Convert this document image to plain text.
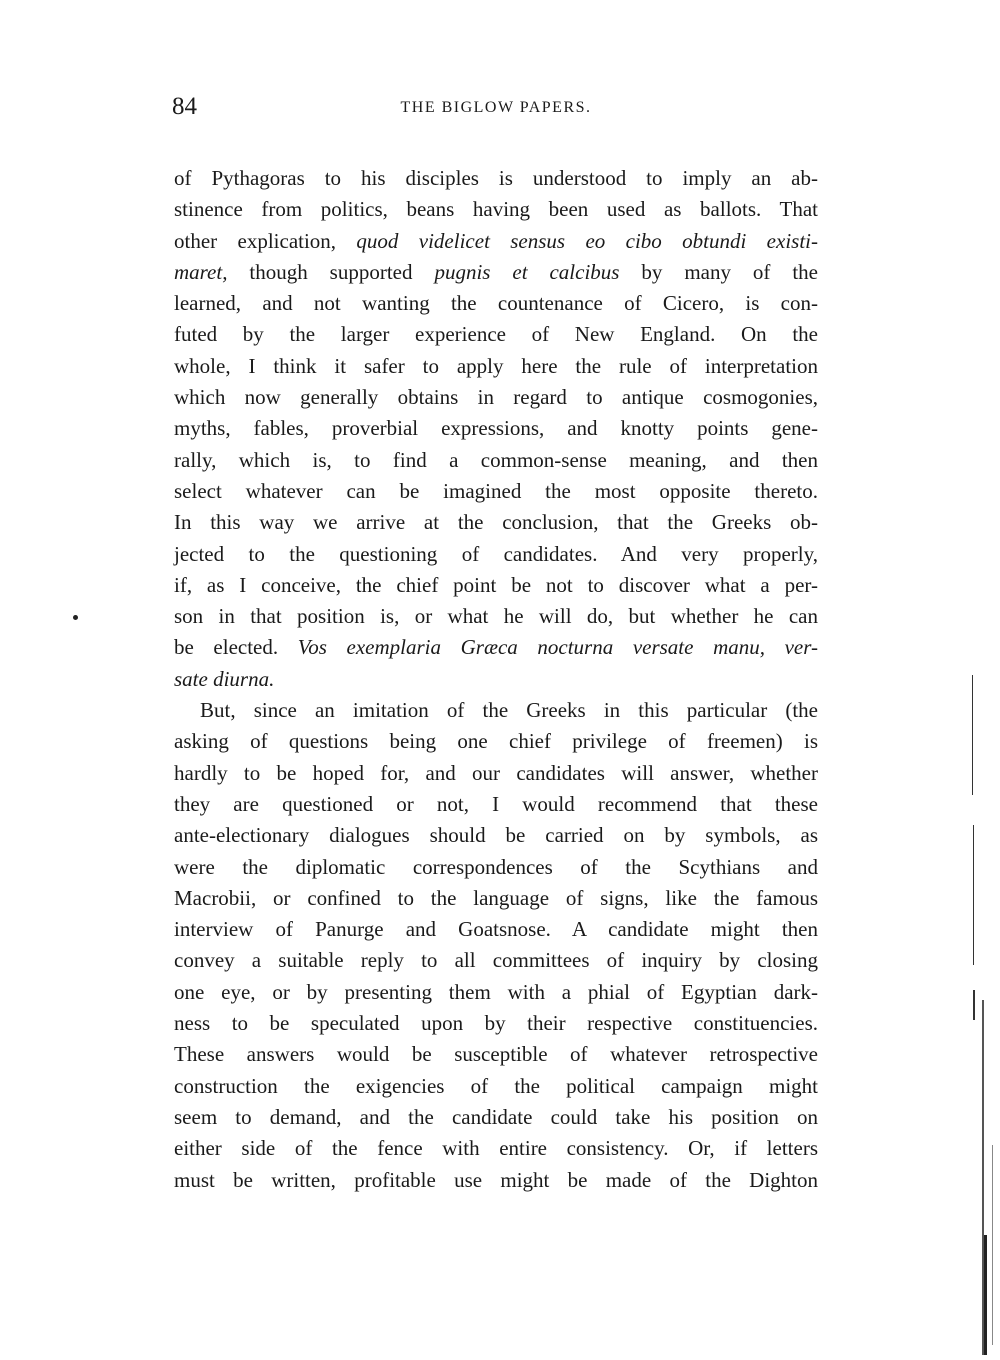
84	THE BIGLOW PAPERS.
of Pythagoras to his disciples is understood to imply an ab-
stinence from politics, beans having been used as ballots. That
other explication, quod videlicet sensus eo cibo obtundi existi-
maret, though supported pugnis et calcibus by many of the
learned, and not wanting the countenance of Cicero, is con-
futed by the larger experience of New England. On the
whole, I think it safer to apply here the rule of interpretation
which now generally obtains in regard to antique cosmogonies,
myths, fables, proverbial expressions, and knotty points gene-
rally, which is, to find a common-sense meaning, and then
select whatever can be imagined the most opposite thereto.
In this way we arrive at the conclusion, that the Greeks ob-
jected to the questioning of candidates. And very properly,
if, as I conceive, the chief point be not to discover what a per-
son in that position is, or what he will do, but whether he can
be elected. Vos exemplaria Græca nocturna versate manu, ver-
sate diurna.
But, since an imitation of the Greeks in this particular (the
asking of questions being one chief privilege of freemen) is
hardly to be hoped for, and our candidates will answer, whether
they are questioned or not, I would recommend that these
ante-electionary dialogues should be carried on by symbols, as
were the diplomatic correspondences of the Scythians and
Macrobii, or confined to the language of signs, like the famous
interview of Panurge and Goatsnose. A candidate might then
convey a suitable reply to all committees of inquiry by closing
one eye, or by presenting them with a phial of Egyptian dark-
ness to be speculated upon by their respective constituencies.
These answers would be susceptible of whatever retrospective
construction the exigencies of the political campaign might
seem to demand, and the candidate could take his position on
either side of the fence with entire consistency. Or, if letters
must be written, profitable use might be made of the Dighton
